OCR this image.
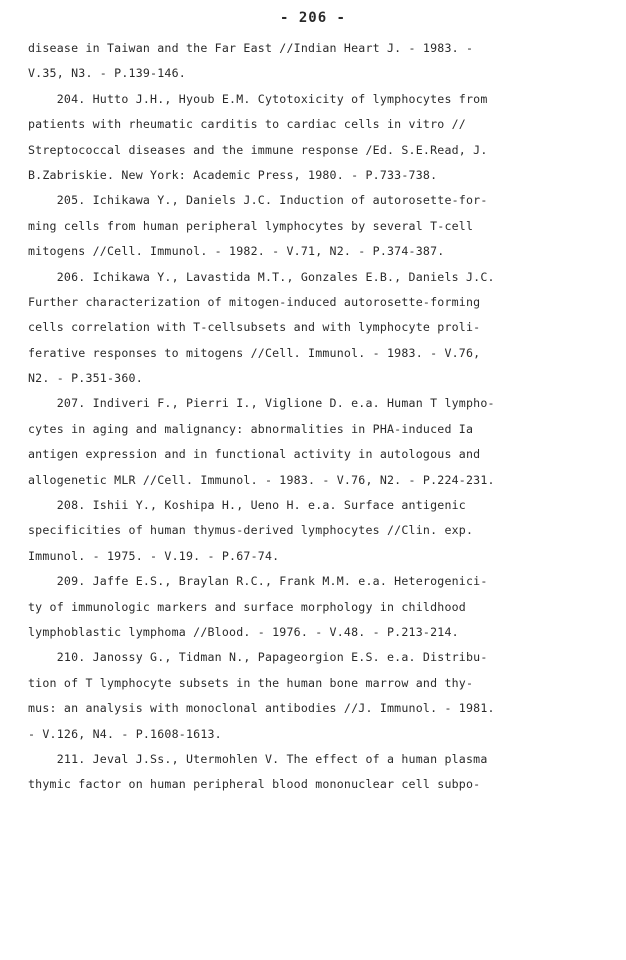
- 206 -
disease in Taiwan and the Far East //Indian Heart J. - 1983. -
V.35, N3. - P.139-146.
204. Hutto J.H., Hyoub E.M. Cytotoxicity of lymphocytes from
patients with rheumatic carditis to cardiac cells in vitro //
Streptococcal diseases and the immune response /Ed. S.E.Read, J.
B.Zabriskie. New York: Academic Press, 1980. - P.733-738.
205. Ichikawa Y., Daniels J.C. Induction of autorosette-for-
ming cells from human peripheral lymphocytes by several T-cell
mitogens //Cell. Immunol. - 1982. - V.71, N2. - P.374-387.
206. Ichikawa Y., Lavastida M.T., Gonzales E.B., Daniels J.C.
Further characterization of mitogen-induced autorosette-forming
cells correlation with T-cellsubsets and with lymphocyte proli-
ferative responses to mitogens //Cell. Immunol. - 1983. - V.76,
N2. - P.351-360.
207. Indiveri F., Pierri I., Viglione D. e.a. Human T lympho-
cytes in aging and malignancy: abnormalities in PHA-induced Ia
antigen expression and in functional activity in autologous and
allogenetic MLR //Cell. Immunol. - 1983. - V.76, N2. - P.224-231.
208. Ishii Y., Koshipa H., Ueno H. e.a. Surface antigenic
specificities of human thymus-derived lymphocytes //Clin. exp.
Immunol. - 1975. - V.19. - P.67-74.
209. Jaffe E.S., Braylan R.C., Frank M.M. e.a. Heterogenici-
ty of immunologic markers and surface morphology in childhood
lymphoblastic lymphoma //Blood. - 1976. - V.48. - P.213-214.
210. Janossy G., Tidman N., Papageorgion E.S. e.a. Distribu-
tion of T lymphocyte subsets in the human bone marrow and thy-
mus: an analysis with monoclonal antibodies //J. Immunol. - 1981.
- V.126, N4. - P.1608-1613.
211. Jeval J.Ss., Utermohlen V. The effect of a human plasma
thymic factor on human peripheral blood mononuclear cell subpo-
